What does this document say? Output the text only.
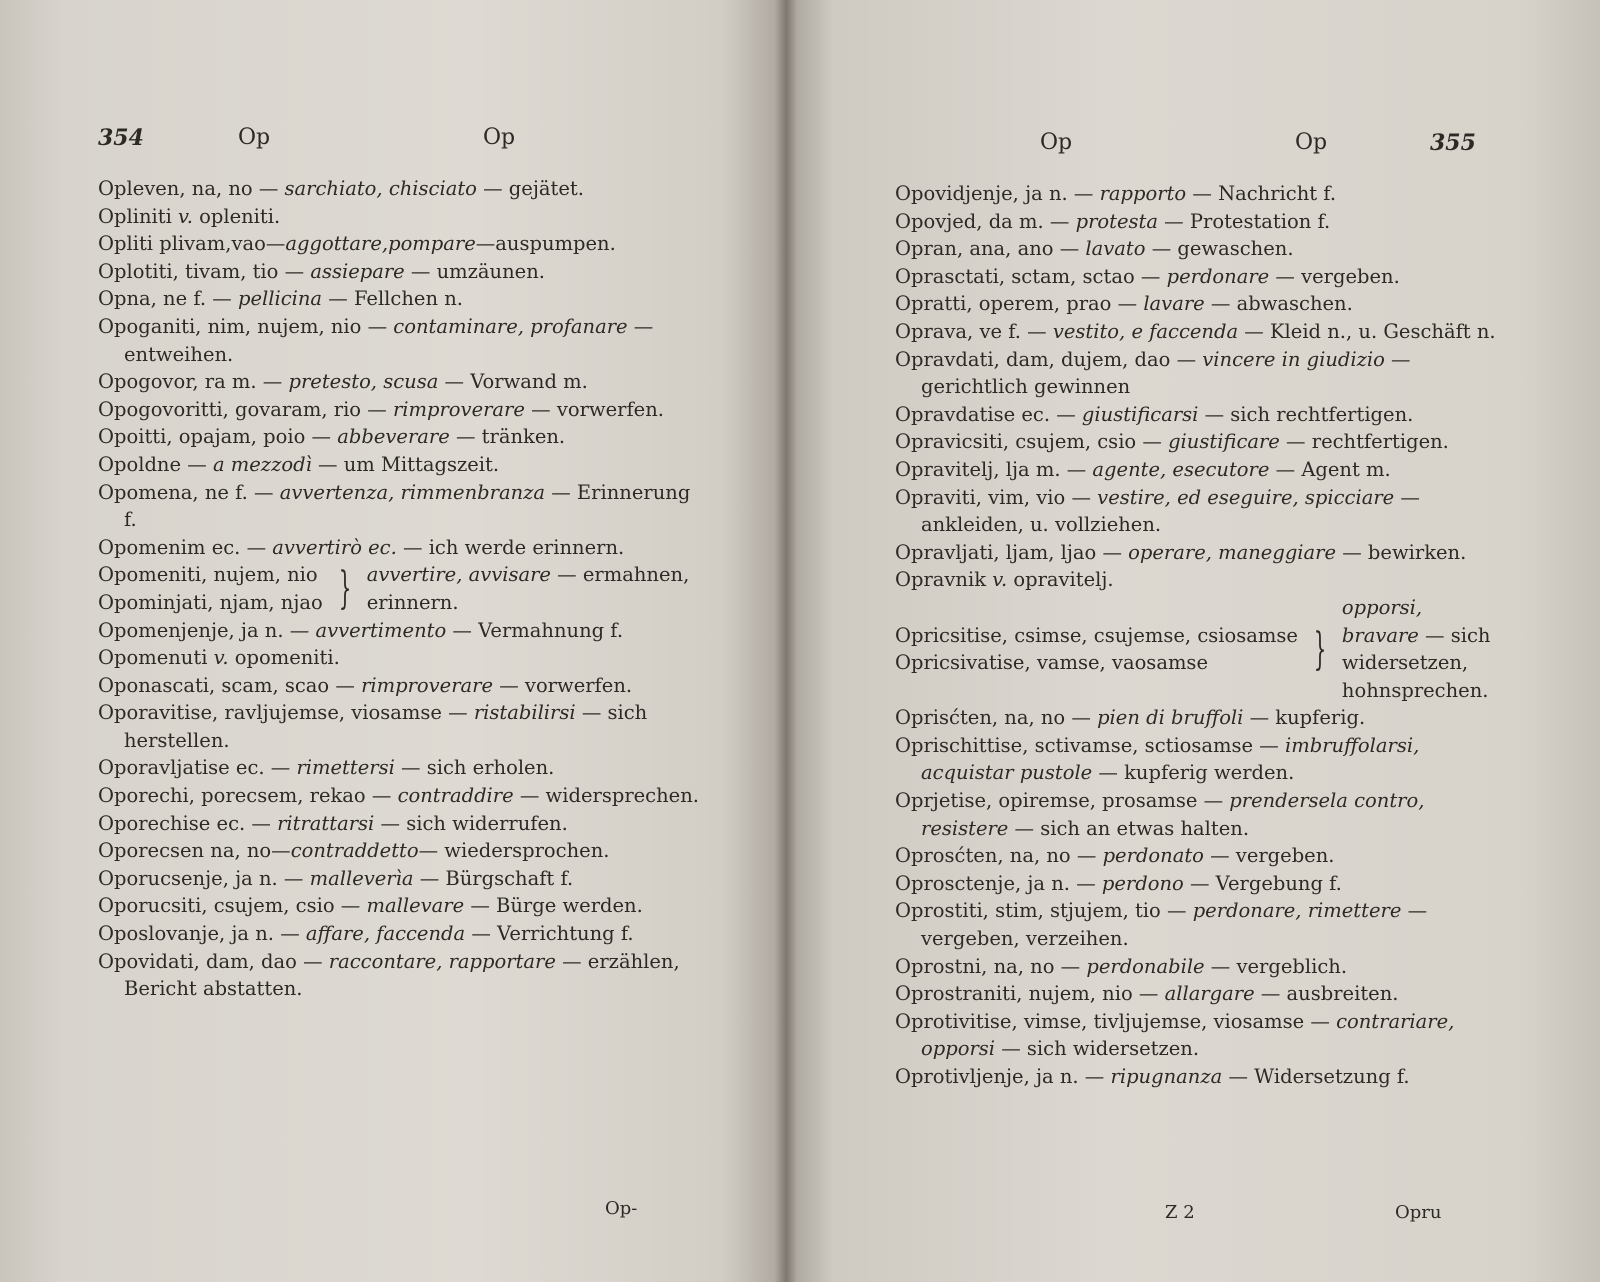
354	Op	Op

Opleven, na, no — sarchiato, chisciato — gejätet.

Opliniti v. opleniti.

Opliti plivam,vao—aggottare,pompare—auspumpen.

Oplotiti, tivam, tio — assiepare — umzäunen.

Opna, ne f. — pellicina — Fellchen n.

Opoganiti, nim, nujem, nio — contaminare, profanare — entweihen.

Opogovor, ra m. — pretesto, scusa — Vorwand m.

Opogovoritti, govaram, rio — rimproverare — vorwerfen.

Opoitti, opajam, poio — abbeverare — tränken.

Opoldne — a mezzodì — um Mittagszeit.

Opomena, ne f. — avvertenza, rimmenbranza — Erinnerung f.

Opomenim ec. — avvertirò ec. — ich werde erinnern.

Opomeniti, nujem, nio
Opominjati, njam, njao } avvertire, avvisare — ermahnen, erinnern.

Opomenjenje, ja n. — avvertimento — Vermahnung f.

Opomenuti v. opomeniti.

Oponascati, scam, scao — rimproverare — vorwerfen.

Oporavitise, ravljujemse, viosamse — ristabilirsi — sich herstellen.

Oporavljatise ec. — rimettersi — sich erholen.

Oporechi, porecsem, rekao — contraddire — widersprechen.

Oporechise ec. — ritrattarsi — sich widerrufen.

Oporecsen na, no—contraddetto— wiedersprochen.

Oporucsenje, ja n. — malleverìa — Bürgschaft f.

Oporucsiti, csujem, csio — mallevare — Bürge werden.

Oposlovanje, ja n. — affare, faccenda — Verrichtung f.

Opovidati, dam, dao — raccontare, rapportare — erzählen, Bericht abstatten.

Op-
Op	Op	355

Opovidjenje, ja n. — rapporto — Nachricht f.

Opovjed, da m. — protesta — Protestation f.

Opran, ana, ano — lavato — gewaschen.

Oprasctati, sctam, sctao — perdonare — vergeben.

Opratti, operem, prao — lavare — abwaschen.

Oprava, ve f. — vestito, e faccenda — Kleid n., u. Geschäft n.

Opravdati, dam, dujem, dao — vincere in giudizio — gerichtlich gewinnen

Opravdatise ec. — giustificarsi — sich rechtfertigen.

Opravicsiti, csujem, csio — giustificare — rechtfertigen.

Opravitelj, lja m. — agente, esecutore — Agent m.

Opraviti, vim, vio — vestire, ed eseguire, spicciare — ankleiden, u. vollziehen.

Opravljati, ljam, ljao — operare, maneggiare — bewirken.

Opravnik v. opravitelj.

Opricsitise, csimse, csujemse, csiosamse
Opricsivatise, vamse, vaosamse	}
opporsi, bravare — sich widersetzen, hohnsprechen.

Oprisćten, na, no — pien di bruffoli — kupferig.

Oprischittise, sctivamse, sctiosamse — imbruffolarsi, acquistar pustole — kupferig werden.

Oprjetise, opiremse, prosamse — prendersela contro, resistere — sich an etwas halten.

Oprosćten, na, no — perdonato — vergeben.

Oprosctenje, ja n. — perdono — Vergebung f.

Oprostiti, stim, stjujem, tio — perdonare, rimettere — vergeben, verzeihen.

Oprostni, na, no — perdonabile — vergeblich.

Oprostraniti, nujem, nio — allargare — ausbreiten.

Oprotivitise, vimse, tivljujemse, viosamse — contrariare, opporsi — sich widersetzen.

Oprotivljenje, ja n. — ripugnanza — Widersetzung f.

Z 2	Opru
